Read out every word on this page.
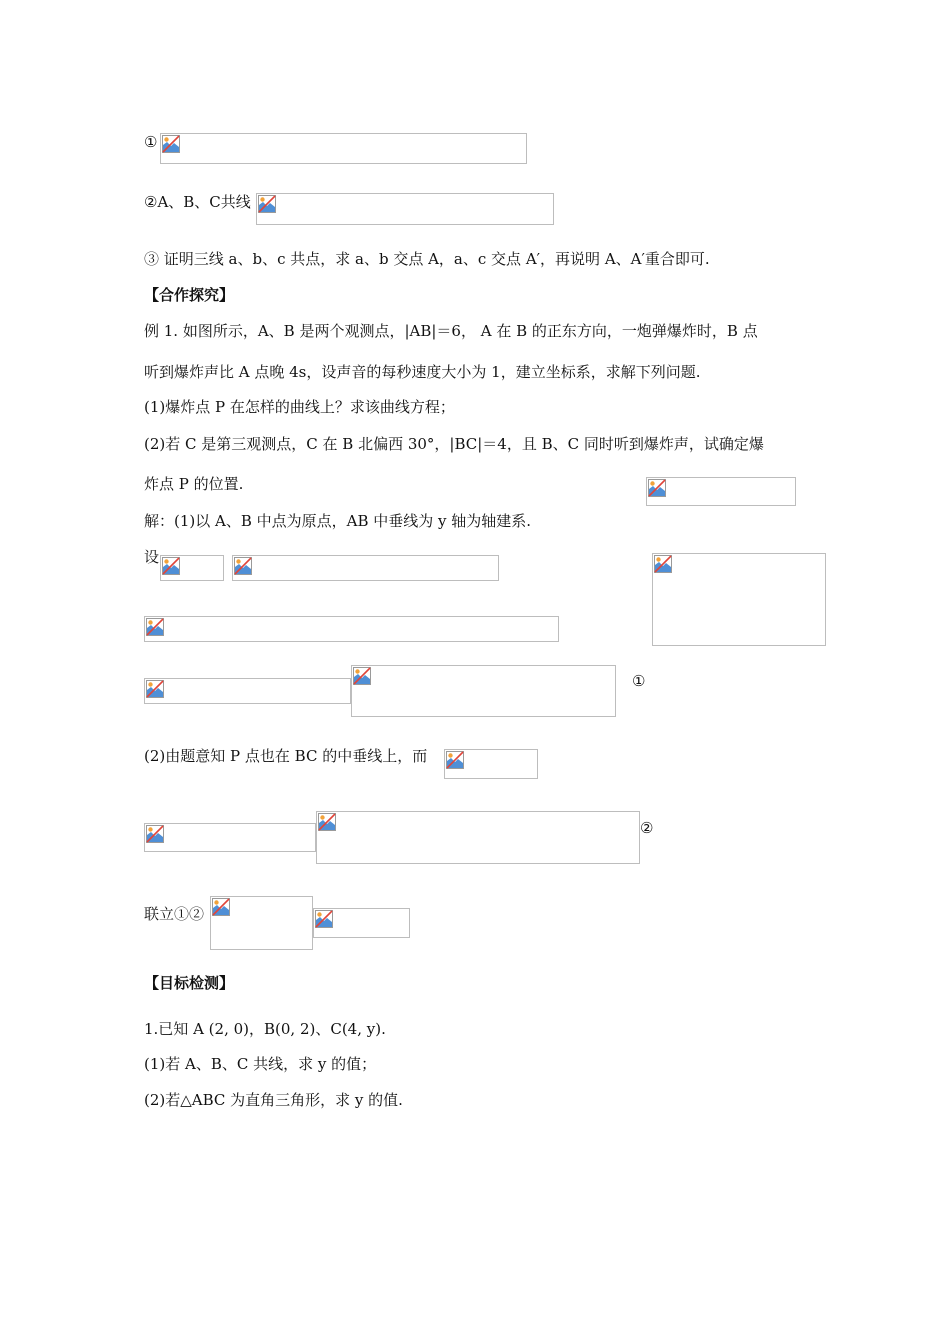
①
②A、B、C共线
③ 证明三线 a、b、c 共点，求 a、b 交点 A，a、c 交点 A′，再说明 A、A′重合即可.
【合作探究】
例 1. 如图所示，A、B 是两个观测点，|AB|＝6， A 在 B 的正东方向，一炮弹爆炸时，B 点
听到爆炸声比 A 点晚 4s，设声音的每秒速度大小为 1，建立坐标系，求解下列问题.
(1)爆炸点 P 在怎样的曲线上？求该曲线方程；
(2)若 C 是第三观测点，C 在 B 北偏西 30°，|BC|＝4，且 B、C 同时听到爆炸声，试确定爆
炸点 P 的位置.
解：(1)以 A、B 中点为原点，AB 中垂线为 y 轴为轴建系.
设
①
(2)由题意知 P 点也在 BC 的中垂线上，而
②
联立①②
【目标检测】
1.已知 A (2, 0)，B(0, 2)、C(4, y).
(1)若 A、B、C 共线，求 y 的值；
(2)若△ABC 为直角三角形，求 y 的值.
